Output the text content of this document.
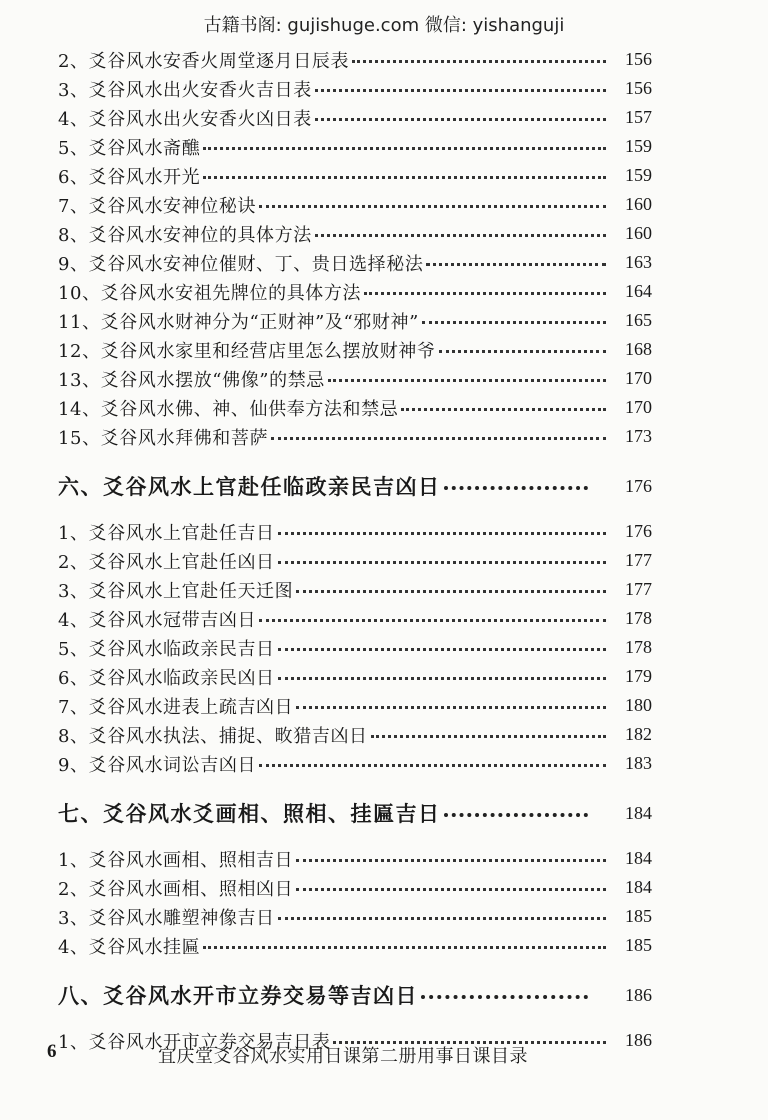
古籍书阁: gujishuge.com 微信: yishanguji
2、爻谷风水安香火周堂逐月日辰表	156
3、爻谷风水出火安香火吉日表	156
4、爻谷风水出火安香火凶日表	157
5、爻谷风水斋醮	159
6、爻谷风水开光	159
7、爻谷风水安神位秘诀	160
8、爻谷风水安神位的具体方法	160
9、爻谷风水安神位催财、丁、贵日选择秘法	163
10、爻谷风水安祖先牌位的具体方法	164
11、爻谷风水财神分为“正财神”及“邪财神”	165
12、爻谷风水家里和经营店里怎么摆放财神爷	168
13、爻谷风水摆放“佛像”的禁忌	170
14、爻谷风水佛、神、仙供奉方法和禁忌	170
15、爻谷风水拜佛和菩萨	173
六、爻谷风水上官赴任临政亲民吉凶日	176
1、爻谷风水上官赴任吉日	176
2、爻谷风水上官赴任凶日	177
3、爻谷风水上官赴任天迁图	177
4、爻谷风水冠带吉凶日	178
5、爻谷风水临政亲民吉日	178
6、爻谷风水临政亲民凶日	179
7、爻谷风水进表上疏吉凶日	180
8、爻谷风水执法、捕捉、畋猎吉凶日	182
9、爻谷风水词讼吉凶日	183
七、爻谷风水爻画相、照相、挂匾吉日	184
1、爻谷风水画相、照相吉日	184
2、爻谷风水画相、照相凶日	184
3、爻谷风水雕塑神像吉日	185
4、爻谷风水挂匾	185
八、爻谷风水开市立券交易等吉凶日	186
1、爻谷风水开市立券交易吉日表	186
6	宜庆堂爻谷风水实用日课第二册用事日课目录
